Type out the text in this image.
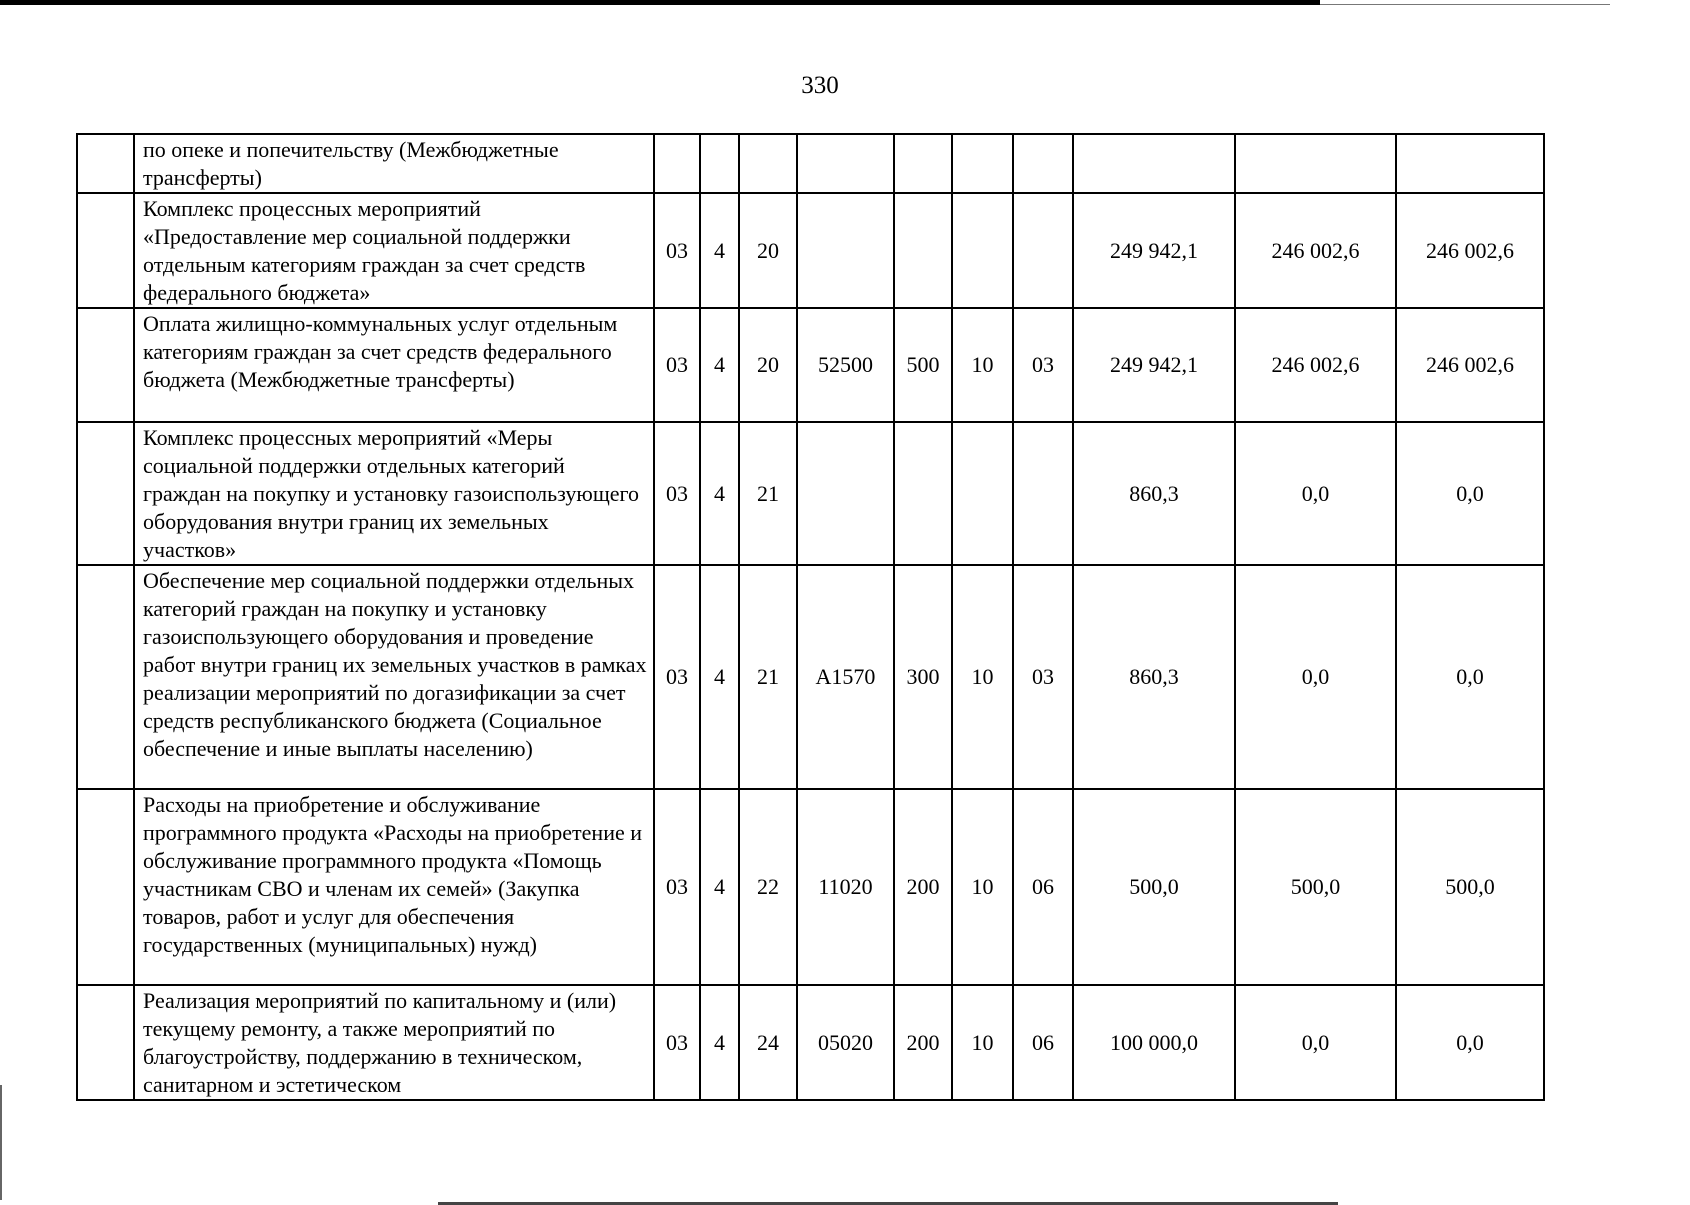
330
	по опеке и попечительству (Межбюджетные трансферты)										
	Комплекс процессных мероприятий «Предоставление мер социальной поддержки отдельным категориям граждан за счет средств федерального бюджета»	03	4	20					249 942,1	246 002,6	246 002,6
	Оплата жилищно-коммунальных услуг отдельным категориям граждан за счет средств федерального бюджета (Межбюджетные трансферты)	03	4	20	52500	500	10	03	249 942,1	246 002,6	246 002,6
	Комплекс процессных мероприятий «Меры социальной поддержки отдельных категорий граждан на покупку и установку газоиспользующего оборудования внутри границ их земельных участков»	03	4	21					860,3	0,0	0,0
	Обеспечение мер социальной поддержки отдельных категорий граждан на покупку и установку газоиспользующего оборудования и проведение работ внутри границ их земельных участков в рамках реализации мероприятий по догазификации за счет средств республиканского бюджета (Социальное обеспечение и иные выплаты населению)	03	4	21	A1570	300	10	03	860,3	0,0	0,0
	Расходы на приобретение и обслуживание программного продукта «Расходы на приобретение и обслуживание программного продукта «Помощь участникам СВО и членам их семей» (Закупка товаров, работ и услуг для обеспечения государственных (муниципальных) нужд)	03	4	22	11020	200	10	06	500,0	500,0	500,0
	Реализация мероприятий по капитальному и (или) текущему ремонту, а также мероприятий по благоустройству, поддержанию в техническом, санитарном и эстетическом	03	4	24	05020	200	10	06	100 000,0	0,0	0,0
